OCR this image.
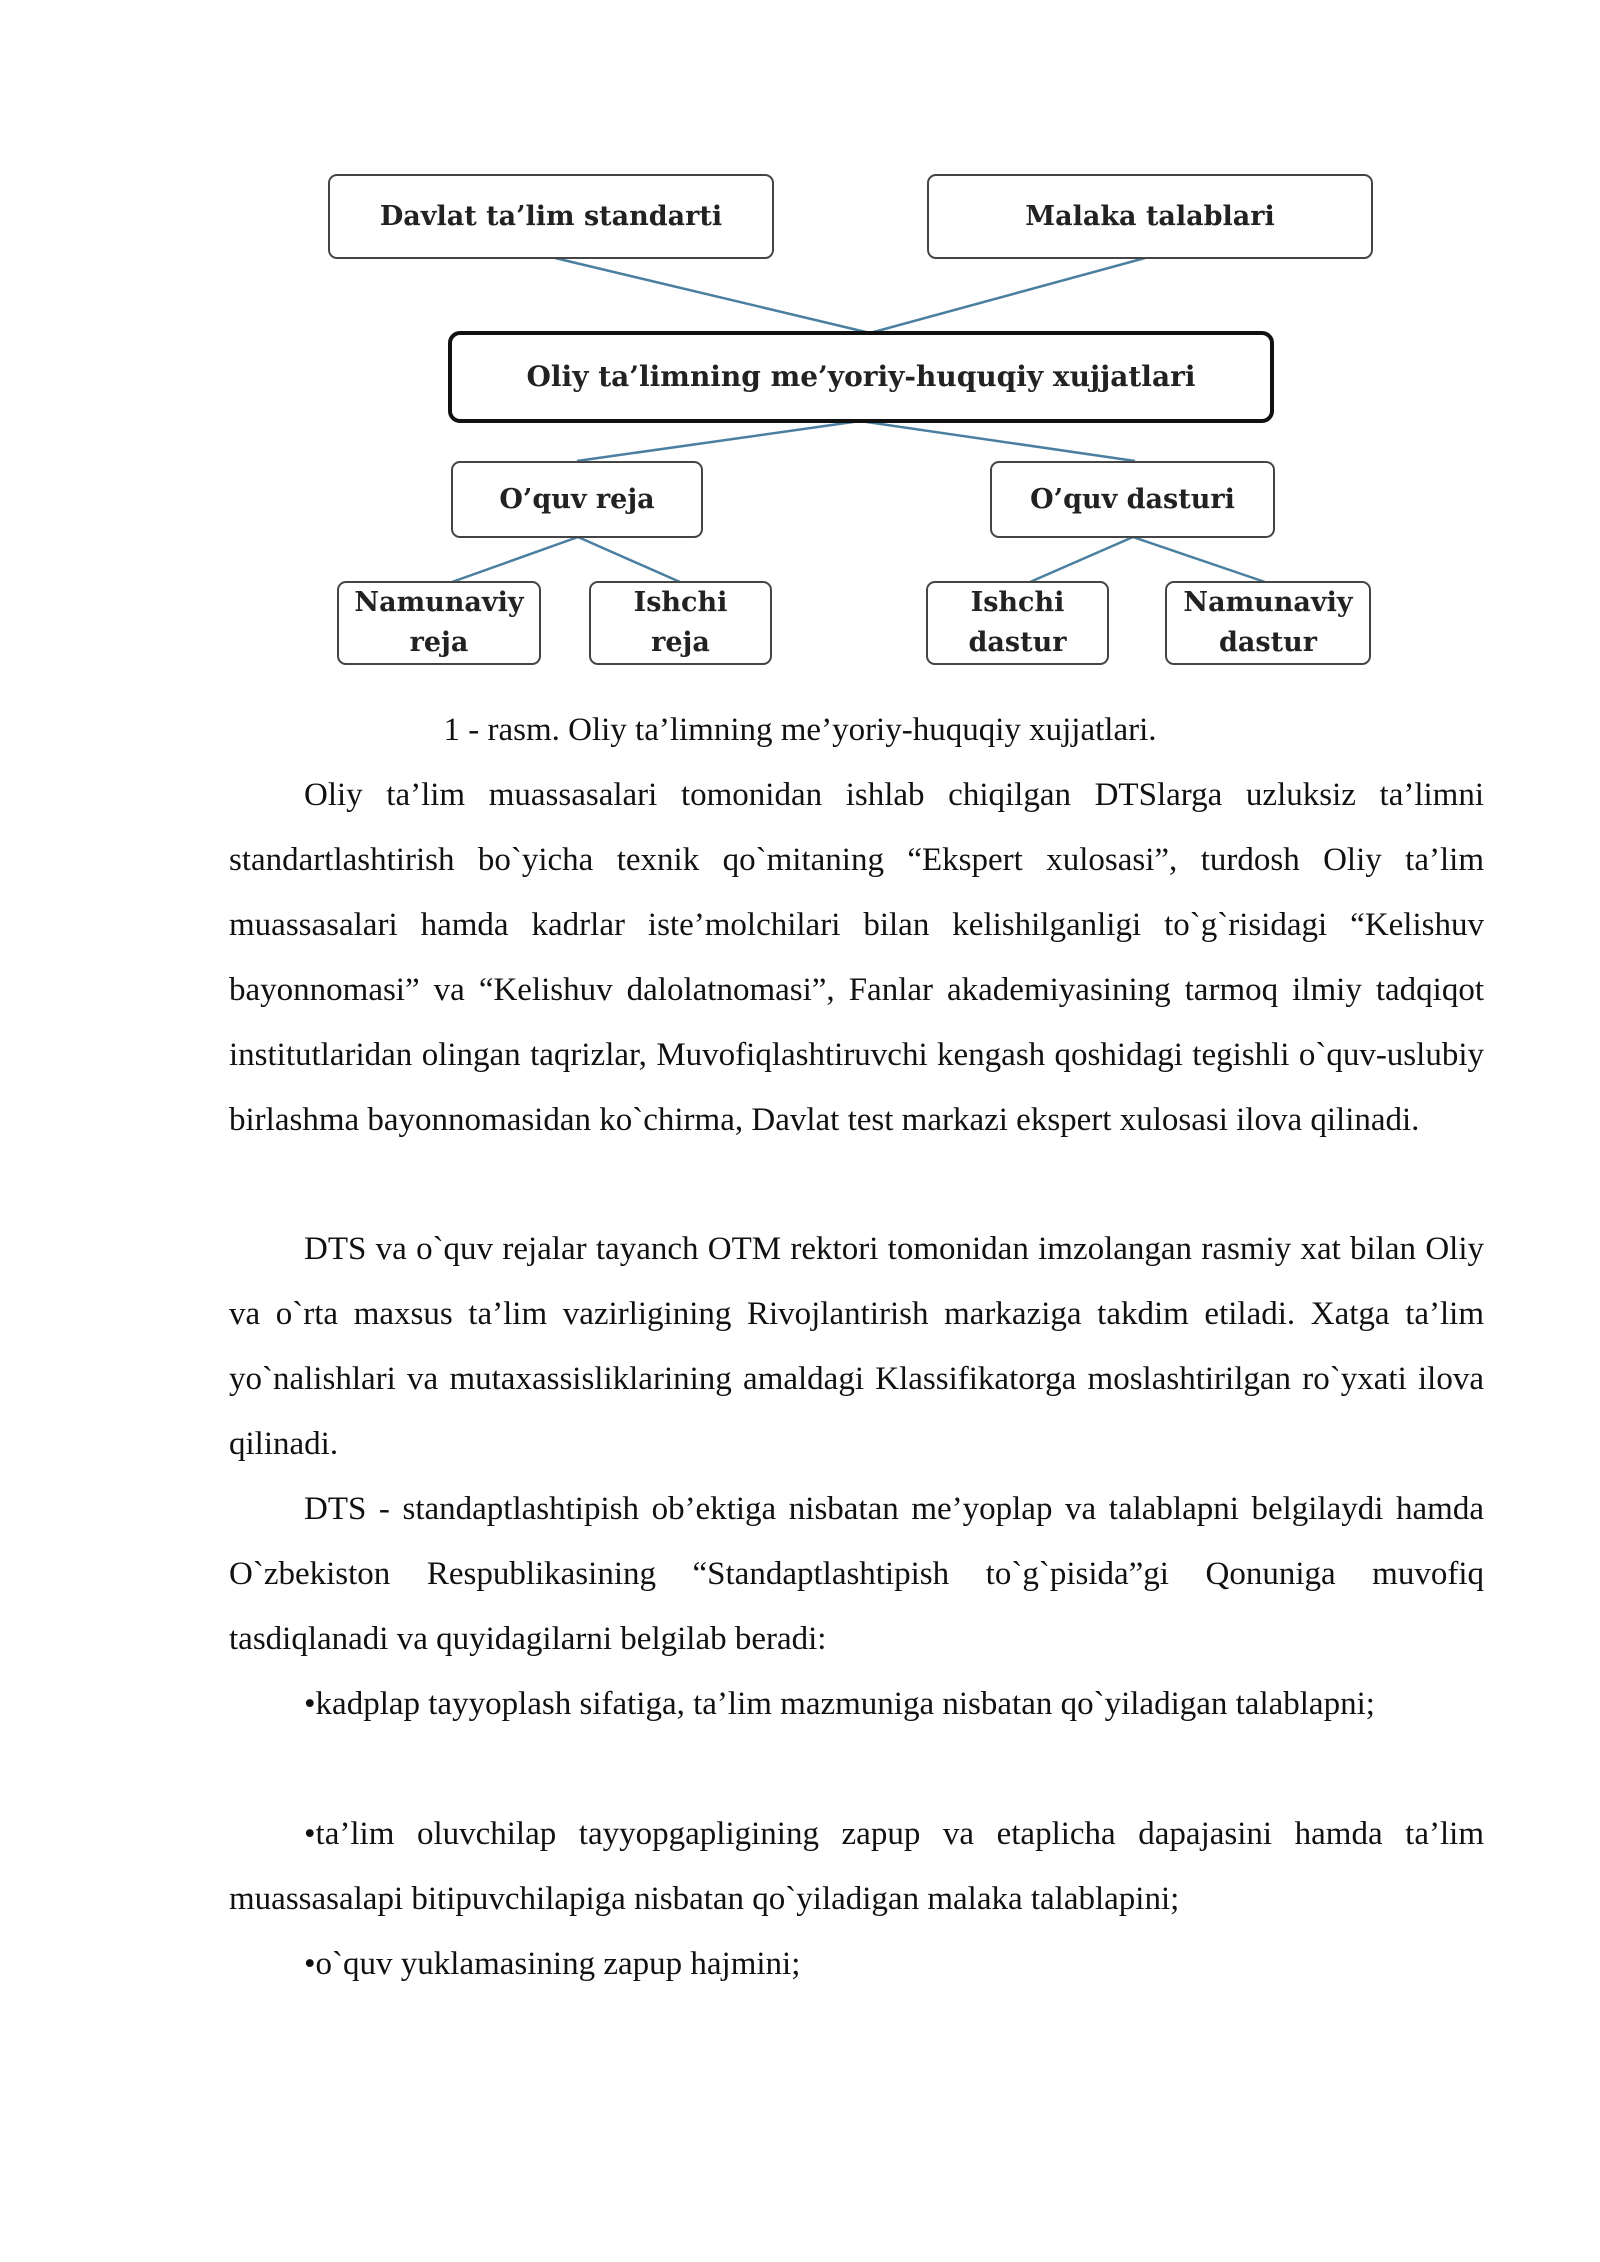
Davlat ta’lim standarti	Malaka talablari
Oliy ta’limning me’yoriy-huquqiy xujjatlari
O’quv reja	O’quv dasturi
Namunaviy
reja
Ishchi
reja
Ishchi
dastur
Namunaviy
dastur
1 - rasm. Oliy ta’limning me’yoriy-huquqiy xujjatlari.

Oliy ta’lim muassasalari tomonidan ishlab chiqilgan DTSlarga uzluksiz ta’limni standartlashtirish bo`yicha texnik qo`mitaning “Ekspert xulosasi”, turdosh Oliy ta’lim muassasalari hamda kadrlar iste’molchilari bilan kelishilganligi to`g`risidagi “Kelishuv bayonnomasi” va “Kelishuv dalolatnomasi”, Fanlar akademiyasining tarmoq ilmiy tadqiqot institutlaridan olingan taqrizlar, Muvofiqlashtiruvchi kengash qoshidagi tegishli o`quv-uslubiy birlashma bayonnomasidan ko`chirma, Davlat test markazi ekspert xulosasi ilova qilinadi.

DTS va o`quv rejalar tayanch OTM rektori tomonidan imzolangan rasmiy xat bilan Oliy va o`rta maxsus ta’lim vazirligining Rivojlantirish markaziga takdim etiladi. Xatga ta’lim yo`nalishlari va mutaxassisliklarining amaldagi Klassifikatorga moslashtirilgan ro`yxati ilova qilinadi.

DTS - standaptlashtipish ob’ektiga nisbatan me’yoplap va talablapni belgilaydi hamda O`zbekiston Respublikasining “Standaptlashtipish to`g`pisida”gi Qonuniga muvofiq tasdiqlanadi va quyidagilarni belgilab beradi:

•kadplap tayyoplash sifatiga, ta’lim mazmuniga nisbatan qo`yiladigan talablapni;

•ta’lim oluvchilap tayyopgapligining zapup va etaplicha dapajasini hamda ta’lim muassasalapi bitipuvchilapiga nisbatan qo`yiladigan malaka talablapini;

•o`quv yuklamasining zapup hajmini;
